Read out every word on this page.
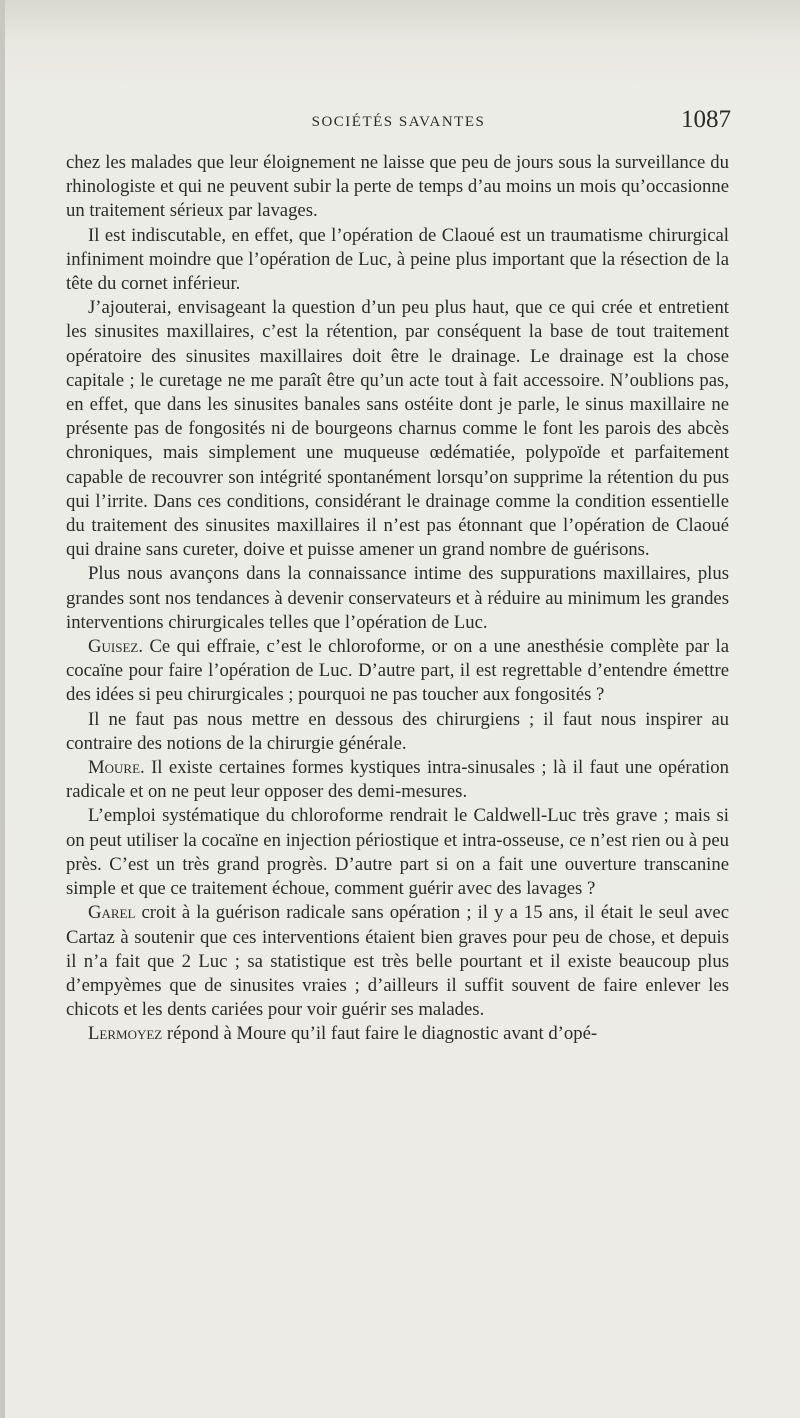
SOCIÉTÉS SAVANTES	1087

chez les malades que leur éloignement ne laisse que peu de jours sous la surveillance du rhinologiste et qui ne peuvent subir la perte de temps d’au moins un mois qu’occasionne un traitement sérieux par lavages.

Il est indiscutable, en effet, que l’opération de Claoué est un traumatisme chirurgical infiniment moindre que l’opération de Luc, à peine plus important que la résection de la tête du cornet inférieur.

J’ajouterai, envisageant la question d’un peu plus haut, que ce qui crée et entretient les sinusites maxillaires, c’est la rétention, par conséquent la base de tout traitement opératoire des sinusites maxillaires doit être le drainage. Le drainage est la chose capitale ; le curetage ne me paraît être qu’un acte tout à fait accessoire. N’oublions pas, en effet, que dans les sinusites banales sans ostéite dont je parle, le sinus maxillaire ne présente pas de fongosités ni de bourgeons charnus comme le font les parois des abcès chroniques, mais simplement une muqueuse œdématiée, polypoïde et parfaitement capable de recouvrer son intégrité spontanément lorsqu’on supprime la rétention du pus qui l’irrite. Dans ces conditions, considérant le drainage comme la condition essentielle du traitement des sinusites maxillaires il n’est pas étonnant que l’opération de Claoué qui draine sans cureter, doive et puisse amener un grand nombre de guérisons.

Plus nous avançons dans la connaissance intime des suppurations maxillaires, plus grandes sont nos tendances à devenir conservateurs et à réduire au minimum les grandes interventions chirurgicales telles que l’opération de Luc.

Guisez. Ce qui effraie, c’est le chloroforme, or on a une anesthésie complète par la cocaïne pour faire l’opération de Luc. D’autre part, il est regrettable d’entendre émettre des idées si peu chirurgicales ; pourquoi ne pas toucher aux fongosités ?

Il ne faut pas nous mettre en dessous des chirurgiens ; il faut nous inspirer au contraire des notions de la chirurgie générale.

Moure. Il existe certaines formes kystiques intra-sinusales ; là il faut une opération radicale et on ne peut leur opposer des demi-mesures.

L’emploi systématique du chloroforme rendrait le Caldwell-Luc très grave ; mais si on peut utiliser la cocaïne en injection périostique et intra-osseuse, ce n’est rien ou à peu près. C’est un très grand progrès. D’autre part si on a fait une ouverture transcanine simple et que ce traitement échoue, comment guérir avec des lavages ?

Garel croit à la guérison radicale sans opération ; il y a 15 ans, il était le seul avec Cartaz à soutenir que ces interventions étaient bien graves pour peu de chose, et depuis il n’a fait que 2 Luc ; sa statistique est très belle pourtant et il existe beaucoup plus d’empyèmes que de sinusites vraies ; d’ailleurs il suffit souvent de faire enlever les chicots et les dents cariées pour voir guérir ses malades.

Lermoyez répond à Moure qu’il faut faire le diagnostic avant d’opé-
